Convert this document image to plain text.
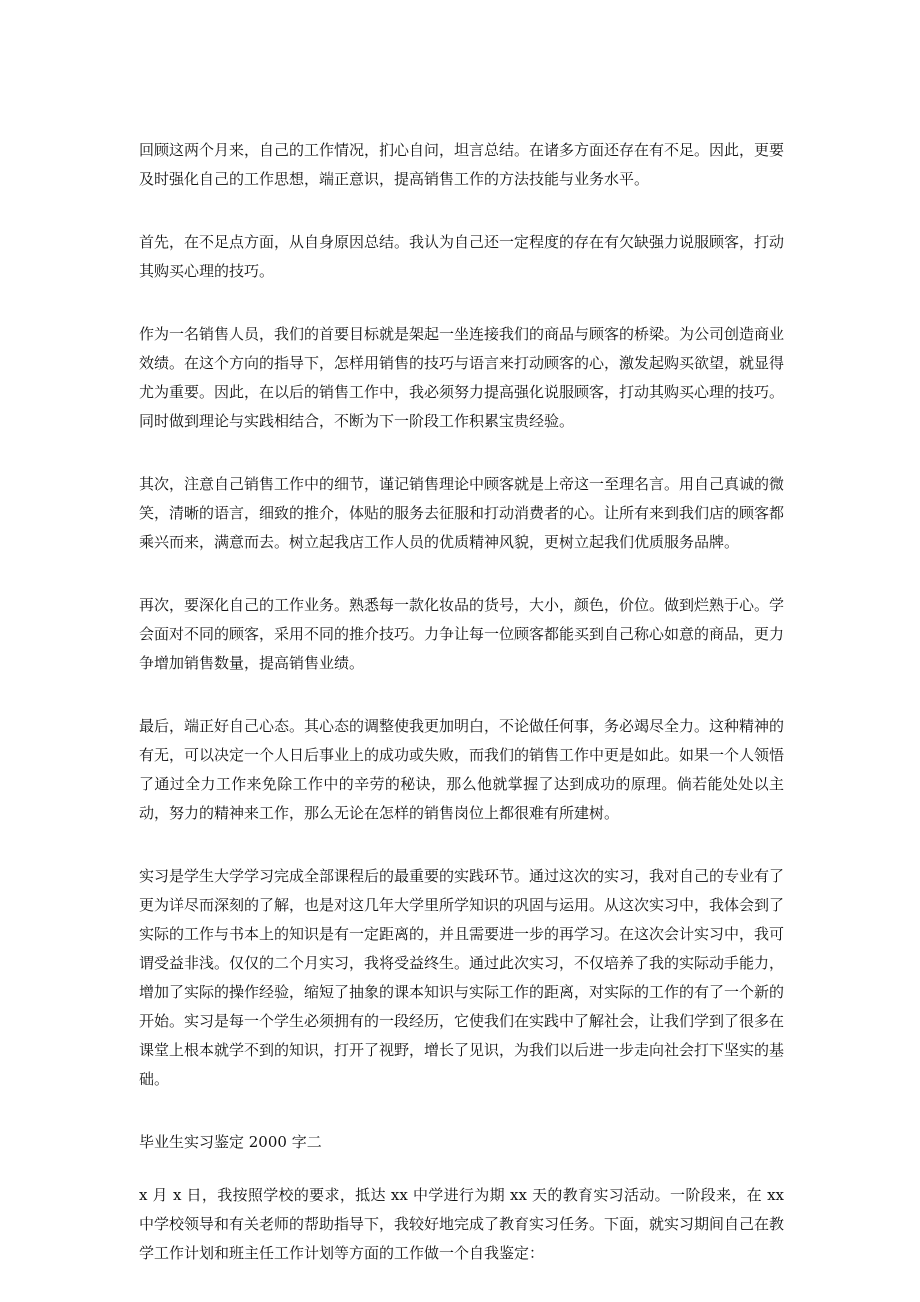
回顾这两个月来，自己的工作情况，扪心自问，坦言总结。在诸多方面还存在有不足。因此，更要及时强化自己的工作思想，端正意识，提高销售工作的方法技能与业务水平。

首先，在不足点方面，从自身原因总结。我认为自己还一定程度的存在有欠缺强力说服顾客，打动其购买心理的技巧。

作为一名销售人员，我们的首要目标就是架起一坐连接我们的商品与顾客的桥梁。为公司创造商业效绩。在这个方向的指导下，怎样用销售的技巧与语言来打动顾客的心，激发起购买欲望，就显得尤为重要。因此，在以后的销售工作中，我必须努力提高强化说服顾客，打动其购买心理的技巧。同时做到理论与实践相结合，不断为下一阶段工作积累宝贵经验。

其次，注意自己销售工作中的细节，谨记销售理论中顾客就是上帝这一至理名言。用自己真诚的微笑，清晰的语言，细致的推介，体贴的服务去征服和打动消费者的心。让所有来到我们店的顾客都乘兴而来，满意而去。树立起我店工作人员的优质精神风貌，更树立起我们优质服务品牌。

再次，要深化自己的工作业务。熟悉每一款化妆品的货号，大小，颜色，价位。做到烂熟于心。学会面对不同的顾客，采用不同的推介技巧。力争让每一位顾客都能买到自己称心如意的商品，更力争增加销售数量，提高销售业绩。

最后，端正好自己心态。其心态的调整使我更加明白，不论做任何事，务必竭尽全力。这种精神的有无，可以决定一个人日后事业上的成功或失败，而我们的销售工作中更是如此。如果一个人领悟了通过全力工作来免除工作中的辛劳的秘诀，那么他就掌握了达到成功的原理。倘若能处处以主动，努力的精神来工作，那么无论在怎样的销售岗位上都很难有所建树。

实习是学生大学学习完成全部课程后的最重要的实践环节。通过这次的实习，我对自己的专业有了更为详尽而深刻的了解，也是对这几年大学里所学知识的巩固与运用。从这次实习中，我体会到了实际的工作与书本上的知识是有一定距离的，并且需要进一步的再学习。在这次会计实习中，我可谓受益非浅。仅仅的二个月实习，我将受益终生。通过此次实习，不仅培养了我的实际动手能力，增加了实际的操作经验，缩短了抽象的课本知识与实际工作的距离，对实际的工作的有了一个新的开始。实习是每一个学生必须拥有的一段经历，它使我们在实践中了解社会，让我们学到了很多在课堂上根本就学不到的知识，打开了视野，增长了见识，为我们以后进一步走向社会打下坚实的基础。

毕业生实习鉴定 2000 字二

x 月 x 日，我按照学校的要求，抵达 xx 中学进行为期 xx 天的教育实习活动。一阶段来，在 xx 中学校领导和有关老师的帮助指导下，我较好地完成了教育实习任务。下面，就实习期间自己在教学工作计划和班主任工作计划等方面的工作做一个自我鉴定：
